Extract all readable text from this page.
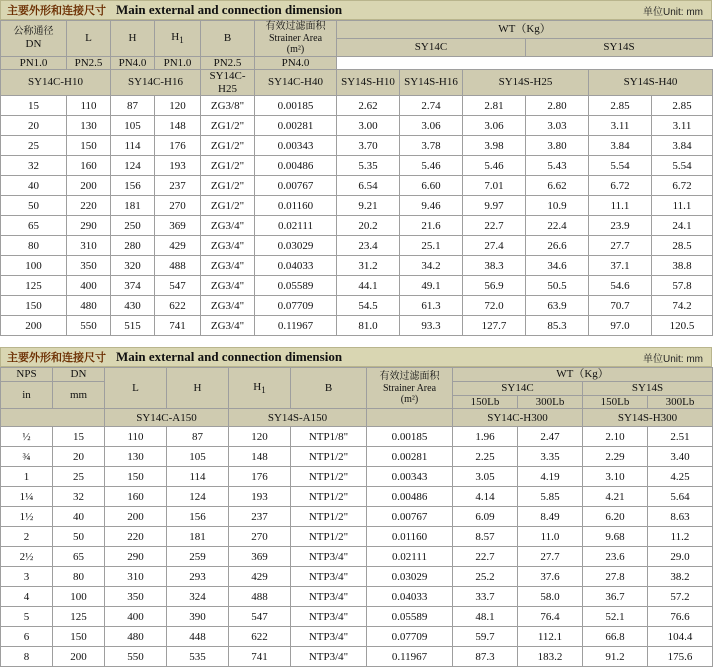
主要外形和连接尺寸 Main external and connection dimension	单位Unit: mm
公称通径
DN	L	H	$H_1$	B	
有效过滤面积
Strainer Area
(m²)
	WT（Kg）
						SY14C			SY14S		
PN1.0	PN2.5	PN4.0	PN1.0	PN2.5	PN4.0						
SY14C-H10		SY14C-H16		SY14C-H25	SY14C-H40	SY14S-H10	SY14S-H16	SY14S-H25		SY14S-H40	
15	110	87	120	ZG3/8"	0.00185	2.62	2.74	2.81	2.80	2.85	2.85
20	130	105	148	ZG1/2"	0.00281	3.00	3.06	3.06	3.03	3.11	3.11
25	150	114	176	ZG1/2"	0.00343	3.70	3.78	3.98	3.80	3.84	3.84
32	160	124	193	ZG1/2"	0.00486	5.35	5.46	5.46	5.43	5.54	5.54
40	200	156	237	ZG1/2"	0.00767	6.54	6.60	7.01	6.62	6.72	6.72
50	220	181	270	ZG1/2"	0.01160	9.21	9.46	9.97	10.9	11.1	11.1
65	290	250	369	ZG3/4"	0.02111	20.2	21.6	22.7	22.4	23.9	24.1
80	310	280	429	ZG3/4"	0.03029	23.4	25.1	27.4	26.6	27.7	28.5
100	350	320	488	ZG3/4"	0.04033	31.2	34.2	38.3	34.6	37.1	38.8
125	400	374	547	ZG3/4"	0.05589	44.1	49.1	56.9	50.5	54.6	57.8
150	480	430	622	ZG3/4"	0.07709	54.5	61.3	72.0	63.9	70.7	74.2
200	550	515	741	ZG3/4"	0.11967	81.0	93.3	127.7	85.3	97.0	120.5
主要外形和连接尺寸 Main external and connection dimension	单位Unit: mm
NPS	DN	L	H	$H_1$	B	有效过滤面积
Strainer Area
(m²)	WT（Kg）			
in	mm						SY14C		SY14S	
							150Lb	300Lb	150Lb	300Lb
		SY14C-A150		SY14S-A150			SY14C-H300		SY14S-H300	
½	15	110	87	120	NTP1/8"	0.00185	1.96	2.47	2.10	2.51
¾	20	130	105	148	NTP1/2"	0.00281	2.25	3.35	2.29	3.40
1	25	150	114	176	NTP1/2"	0.00343	3.05	4.19	3.10	4.25
1¼	32	160	124	193	NTP1/2"	0.00486	4.14	5.85	4.21	5.64
1½	40	200	156	237	NTP1/2"	0.00767	6.09	8.49	6.20	8.63
2	50	220	181	270	NTP1/2"	0.01160	8.57	11.0	9.68	11.2
2½	65	290	259	369	NTP3/4"	0.02111	22.7	27.7	23.6	29.0
3	80	310	293	429	NTP3/4"	0.03029	25.2	37.6	27.8	38.2
4	100	350	324	488	NTP3/4"	0.04033	33.7	58.0	36.7	57.2
5	125	400	390	547	NTP3/4"	0.05589	48.1	76.4	52.1	76.6
6	150	480	448	622	NTP3/4"	0.07709	59.7	112.1	66.8	104.4
8	200	550	535	741	NTP3/4"	0.11967	87.3	183.2	91.2	175.6
